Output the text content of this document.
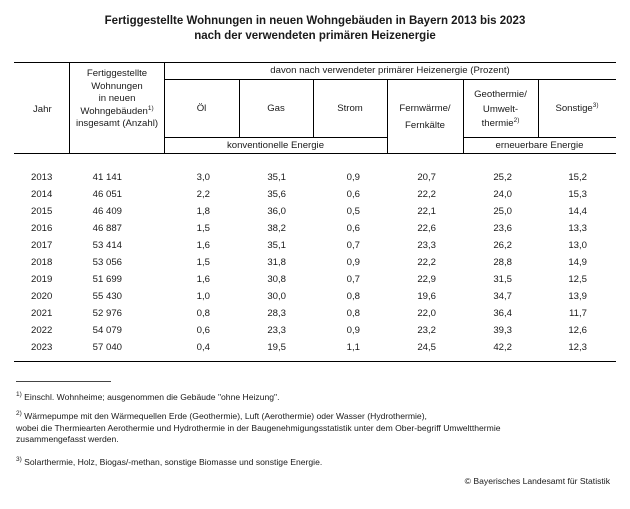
Fertiggestellte Wohnungen in neuen Wohngebäuden in Bayern 2013 bis 2023
nach der verwendeten primären Heizenergie
Jahr
Fertiggestellte
Wohnungen
in neuen
Wohngebäuden$^{1)}$
insgesamt (Anzahl)
davon nach verwendeter primärer Heizenergie (Prozent)
Öl	Gas	Strom	Fernwärme/
Fernkälte
Geothermie/
Umwelt-
thermie$^{2)}$
Sonstige$^{3)}$
konventionelle Energie	erneuerbare Energie
2013	41 141	3,0	35,1	0,9	20,7	25,2	15,2
2014	46 051	2,2	35,6	0,6	22,2	24,0	15,3
2015	46 409	1,8	36,0	0,5	22,1	25,0	14,4
2016	46 887	1,5	38,2	0,6	22,6	23,6	13,3
2017	53 414	1,6	35,1	0,7	23,3	26,2	13,0
2018	53 056	1,5	31,8	0,9	22,2	28,8	14,9
2019	51 699	1,6	30,8	0,7	22,9	31,5	12,5
2020	55 430	1,0	30,0	0,8	19,6	34,7	13,9
2021	52 976	0,8	28,3	0,8	22,0	36,4	11,7
2022	54 079	0,6	23,3	0,9	23,2	39,3	12,6
2023	57 040	0,4	19,5	1,1	24,5	42,2	12,3
$^{1)}$ Einschl. Wohnheime; ausgenommen die Gebäude "ohne Heizung".
$^{2)}$ Wärmepumpe mit den Wärmequellen Erde (Geothermie), Luft (Aerothermie) oder Wasser (Hydrothermie),
wobei die Thermiearten Aerothermie und Hydrothermie in der Baugenehmigungsstatistik unter dem Ober-begriff Umweltthermie
zusammengefasst werden.
$^{3)}$ Solarthermie, Holz, Biogas/-methan, sonstige Biomasse und sonstige Energie.
© Bayerisches Landesamt für Statistik
